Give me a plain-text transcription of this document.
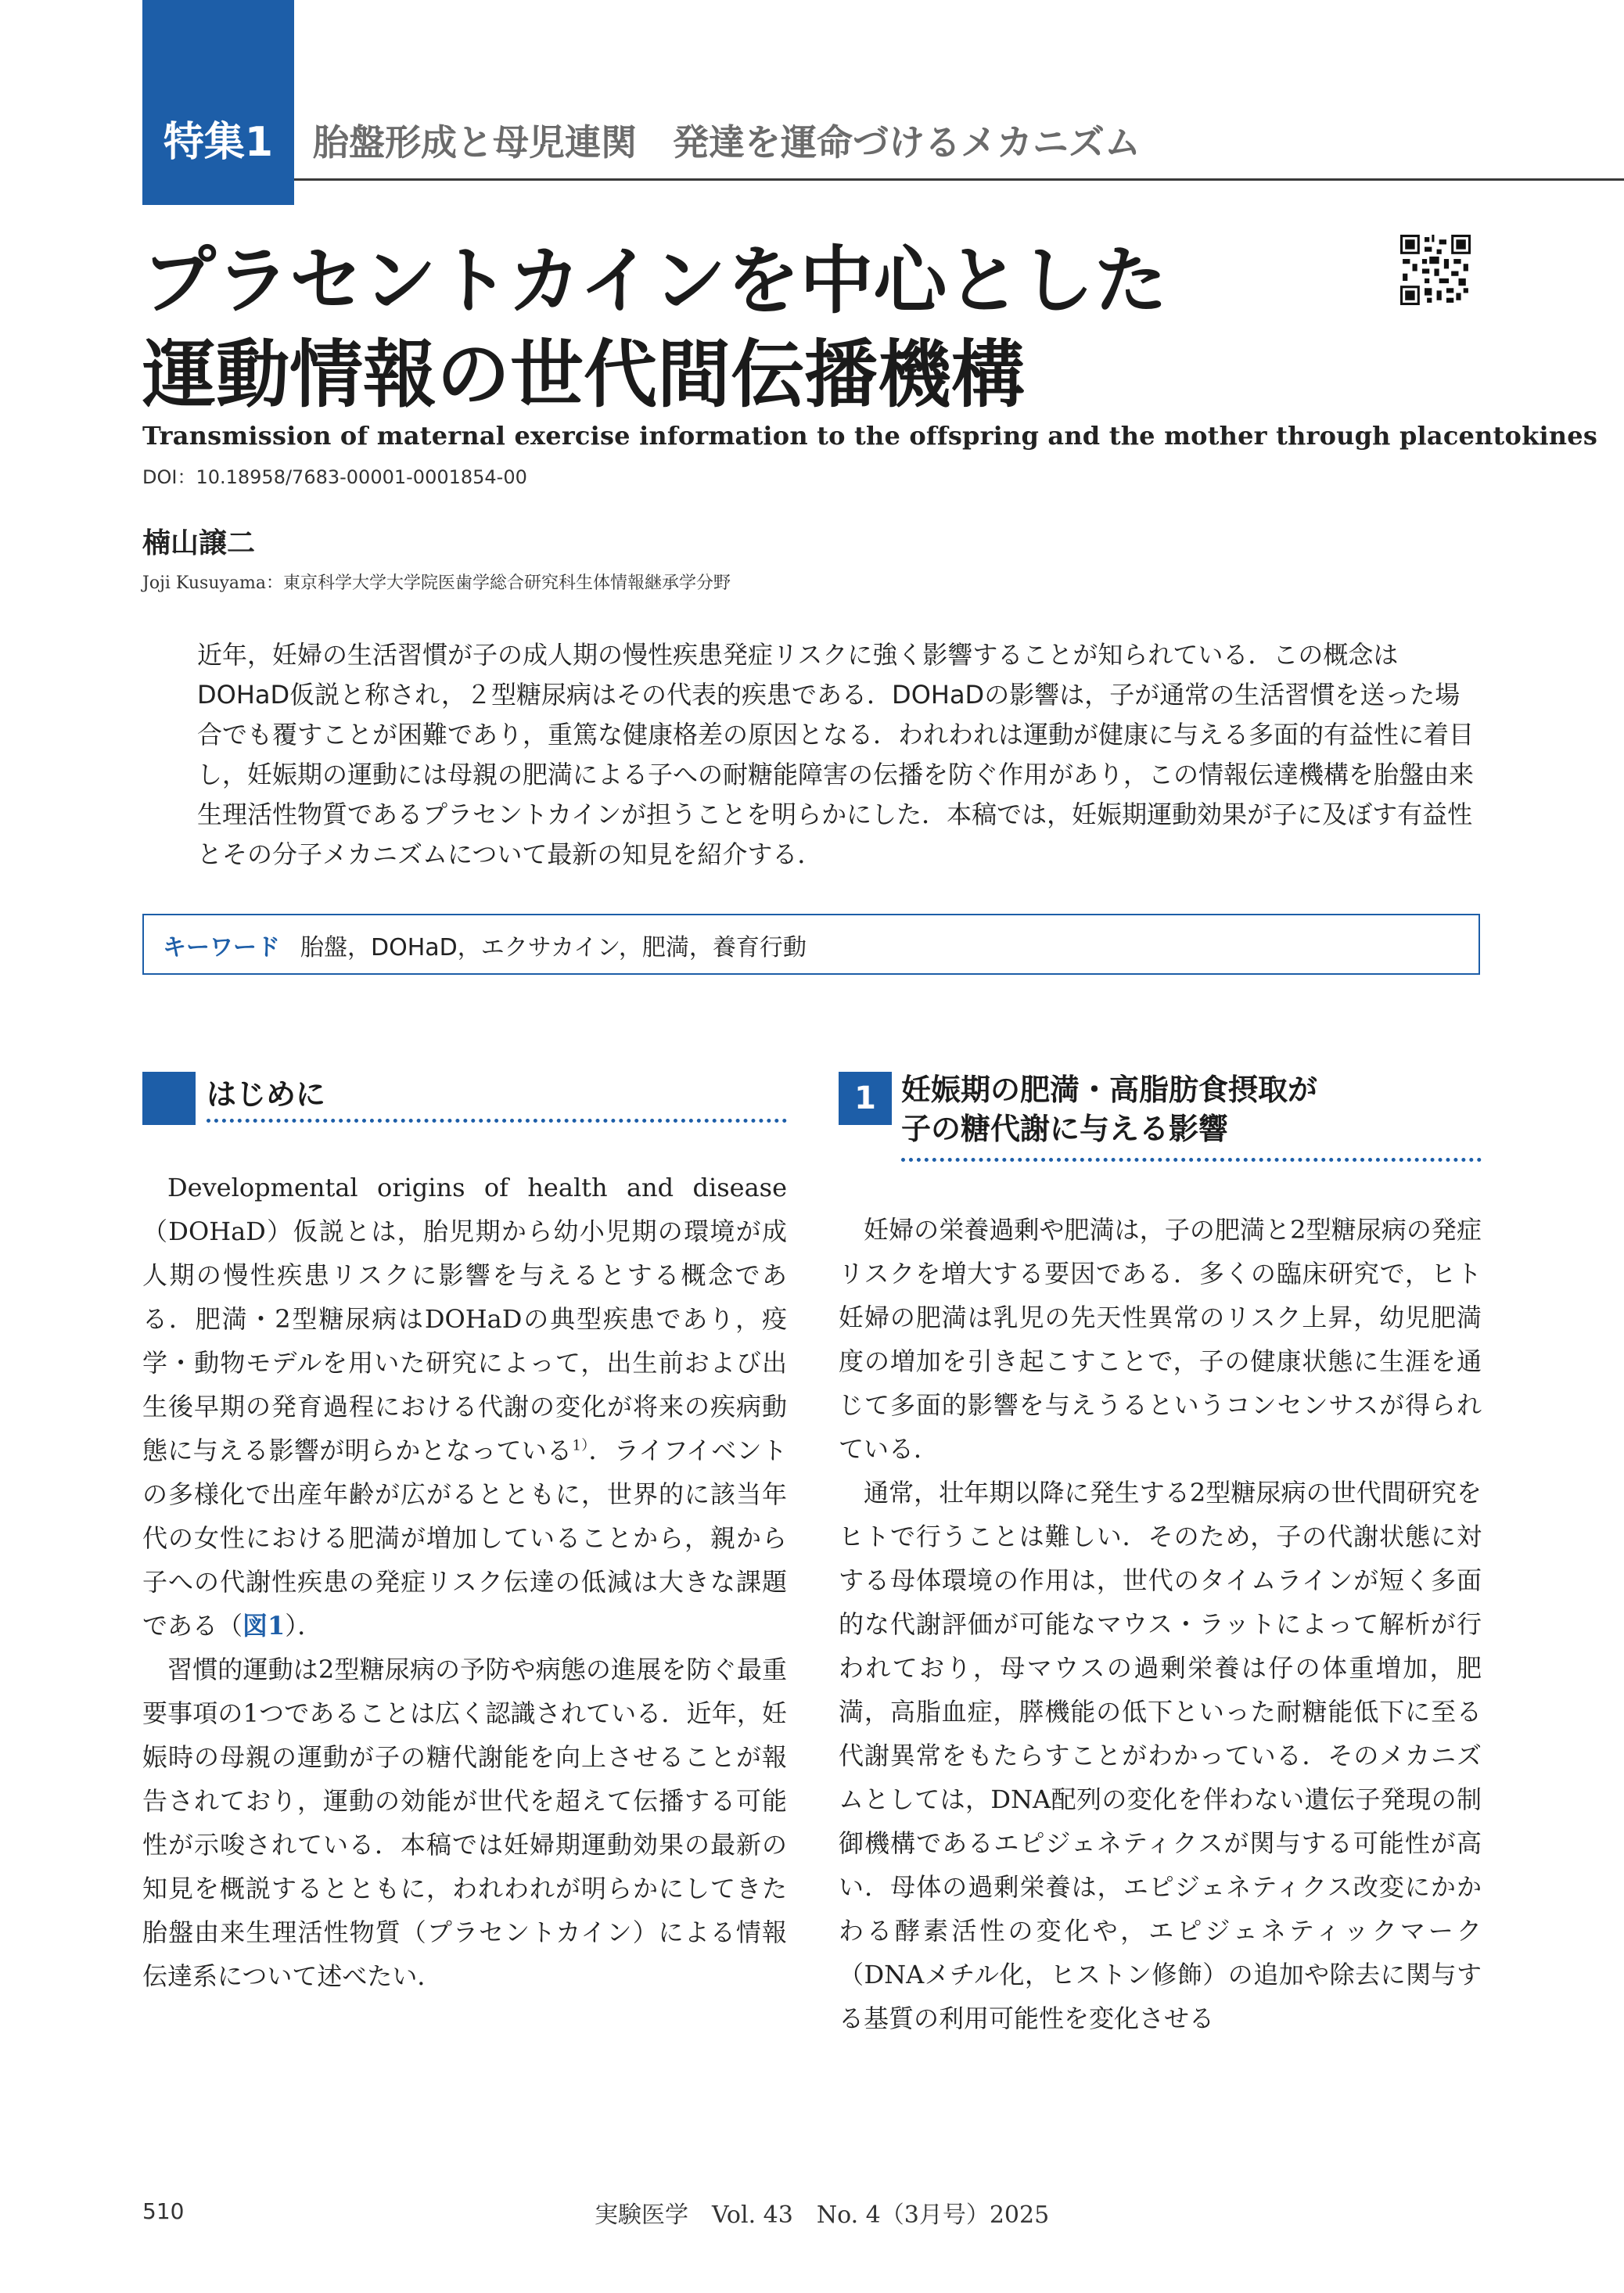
特集1	胎盤形成と母児連関　発達を運命づけるメカニズム
プラセントカインを中心とした
運動情報の世代間伝播機構
Transmission of maternal exercise information to the offspring and the mother through placentokines
DOI：10.18958/7683-00001-0001854-00
楠山譲二
Joji Kusuyama：東京科学大学大学院医歯学総合研究科生体情報継承学分野
近年，妊婦の生活習慣が子の成人期の慢性疾患発症リスクに強く影響することが知られている．この概念はDOHaD仮説と称され，２型糖尿病はその代表的疾患である．DOHaDの影響は，子が通常の生活習慣を送った場合でも覆すことが困難であり，重篤な健康格差の原因となる．われわれは運動が健康に与える多面的有益性に着目し，妊娠期の運動には母親の肥満による子への耐糖能障害の伝播を防ぐ作用があり，この情報伝達機構を胎盤由来生理活性物質であるプラセントカインが担うことを明らかにした．本稿では，妊娠期運動効果が子に及ぼす有益性とその分子メカニズムについて最新の知見を紹介する．
キーワード 胎盤，DOHaD，エクサカイン，肥満，養育行動
はじめに

Developmental origins of health and disease（DOHaD）仮説とは，胎児期から幼小児期の環境が成人期の慢性疾患リスクに影響を与えるとする概念である．肥満・2型糖尿病はDOHaDの典型疾患であり，疫学・動物モデルを用いた研究によって，出生前および出生後早期の発育過程における代謝の変化が将来の疾病動態に与える影響が明らかとなっている$^{1)}$．ライフイベントの多様化で出産年齢が広がるとともに，世界的に該当年代の女性における肥満が増加していることから，親から子への代謝性疾患の発症リスク伝達の低減は大きな課題である（図1）．

習慣的運動は2型糖尿病の予防や病態の進展を防ぐ最重要事項の1つであることは広く認識されている．近年，妊娠時の母親の運動が子の糖代謝能を向上させることが報告されており，運動の効能が世代を超えて伝播する可能性が示唆されている．本稿では妊婦期運動効果の最新の知見を概説するとともに，われわれが明らかにしてきた胎盤由来生理活性物質（プラセントカイン）による情報伝達系について述べたい．

1 妊娠期の肥満・高脂肪食摂取が
子の糖代謝に与える影響

妊婦の栄養過剰や肥満は，子の肥満と2型糖尿病の発症リスクを増大する要因である．多くの臨床研究で，ヒト妊婦の肥満は乳児の先天性異常のリスク上昇，幼児肥満度の増加を引き起こすことで，子の健康状態に生涯を通じて多面的影響を与えうるというコンセンサスが得られている．

通常，壮年期以降に発生する2型糖尿病の世代間研究をヒトで行うことは難しい．そのため，子の代謝状態に対する母体環境の作用は，世代のタイムラインが短く多面的な代謝評価が可能なマウス・ラットによって解析が行われており，母マウスの過剰栄養は仔の体重増加，肥満，高脂血症，膵機能の低下といった耐糖能低下に至る代謝異常をもたらすことがわかっている．そのメカニズムとしては，DNA配列の変化を伴わない遺伝子発現の制御機構であるエピジェネティクスが関与する可能性が高い．母体の過剰栄養は，エピジェネティクス改変にかかわる酵素活性の変化や，エピジェネティックマーク（DNAメチル化，ヒストン修飾）の追加や除去に関与する基質の利用可能性を変化させる

510	実験医学　Vol. 43　No. 4（3月号）2025
